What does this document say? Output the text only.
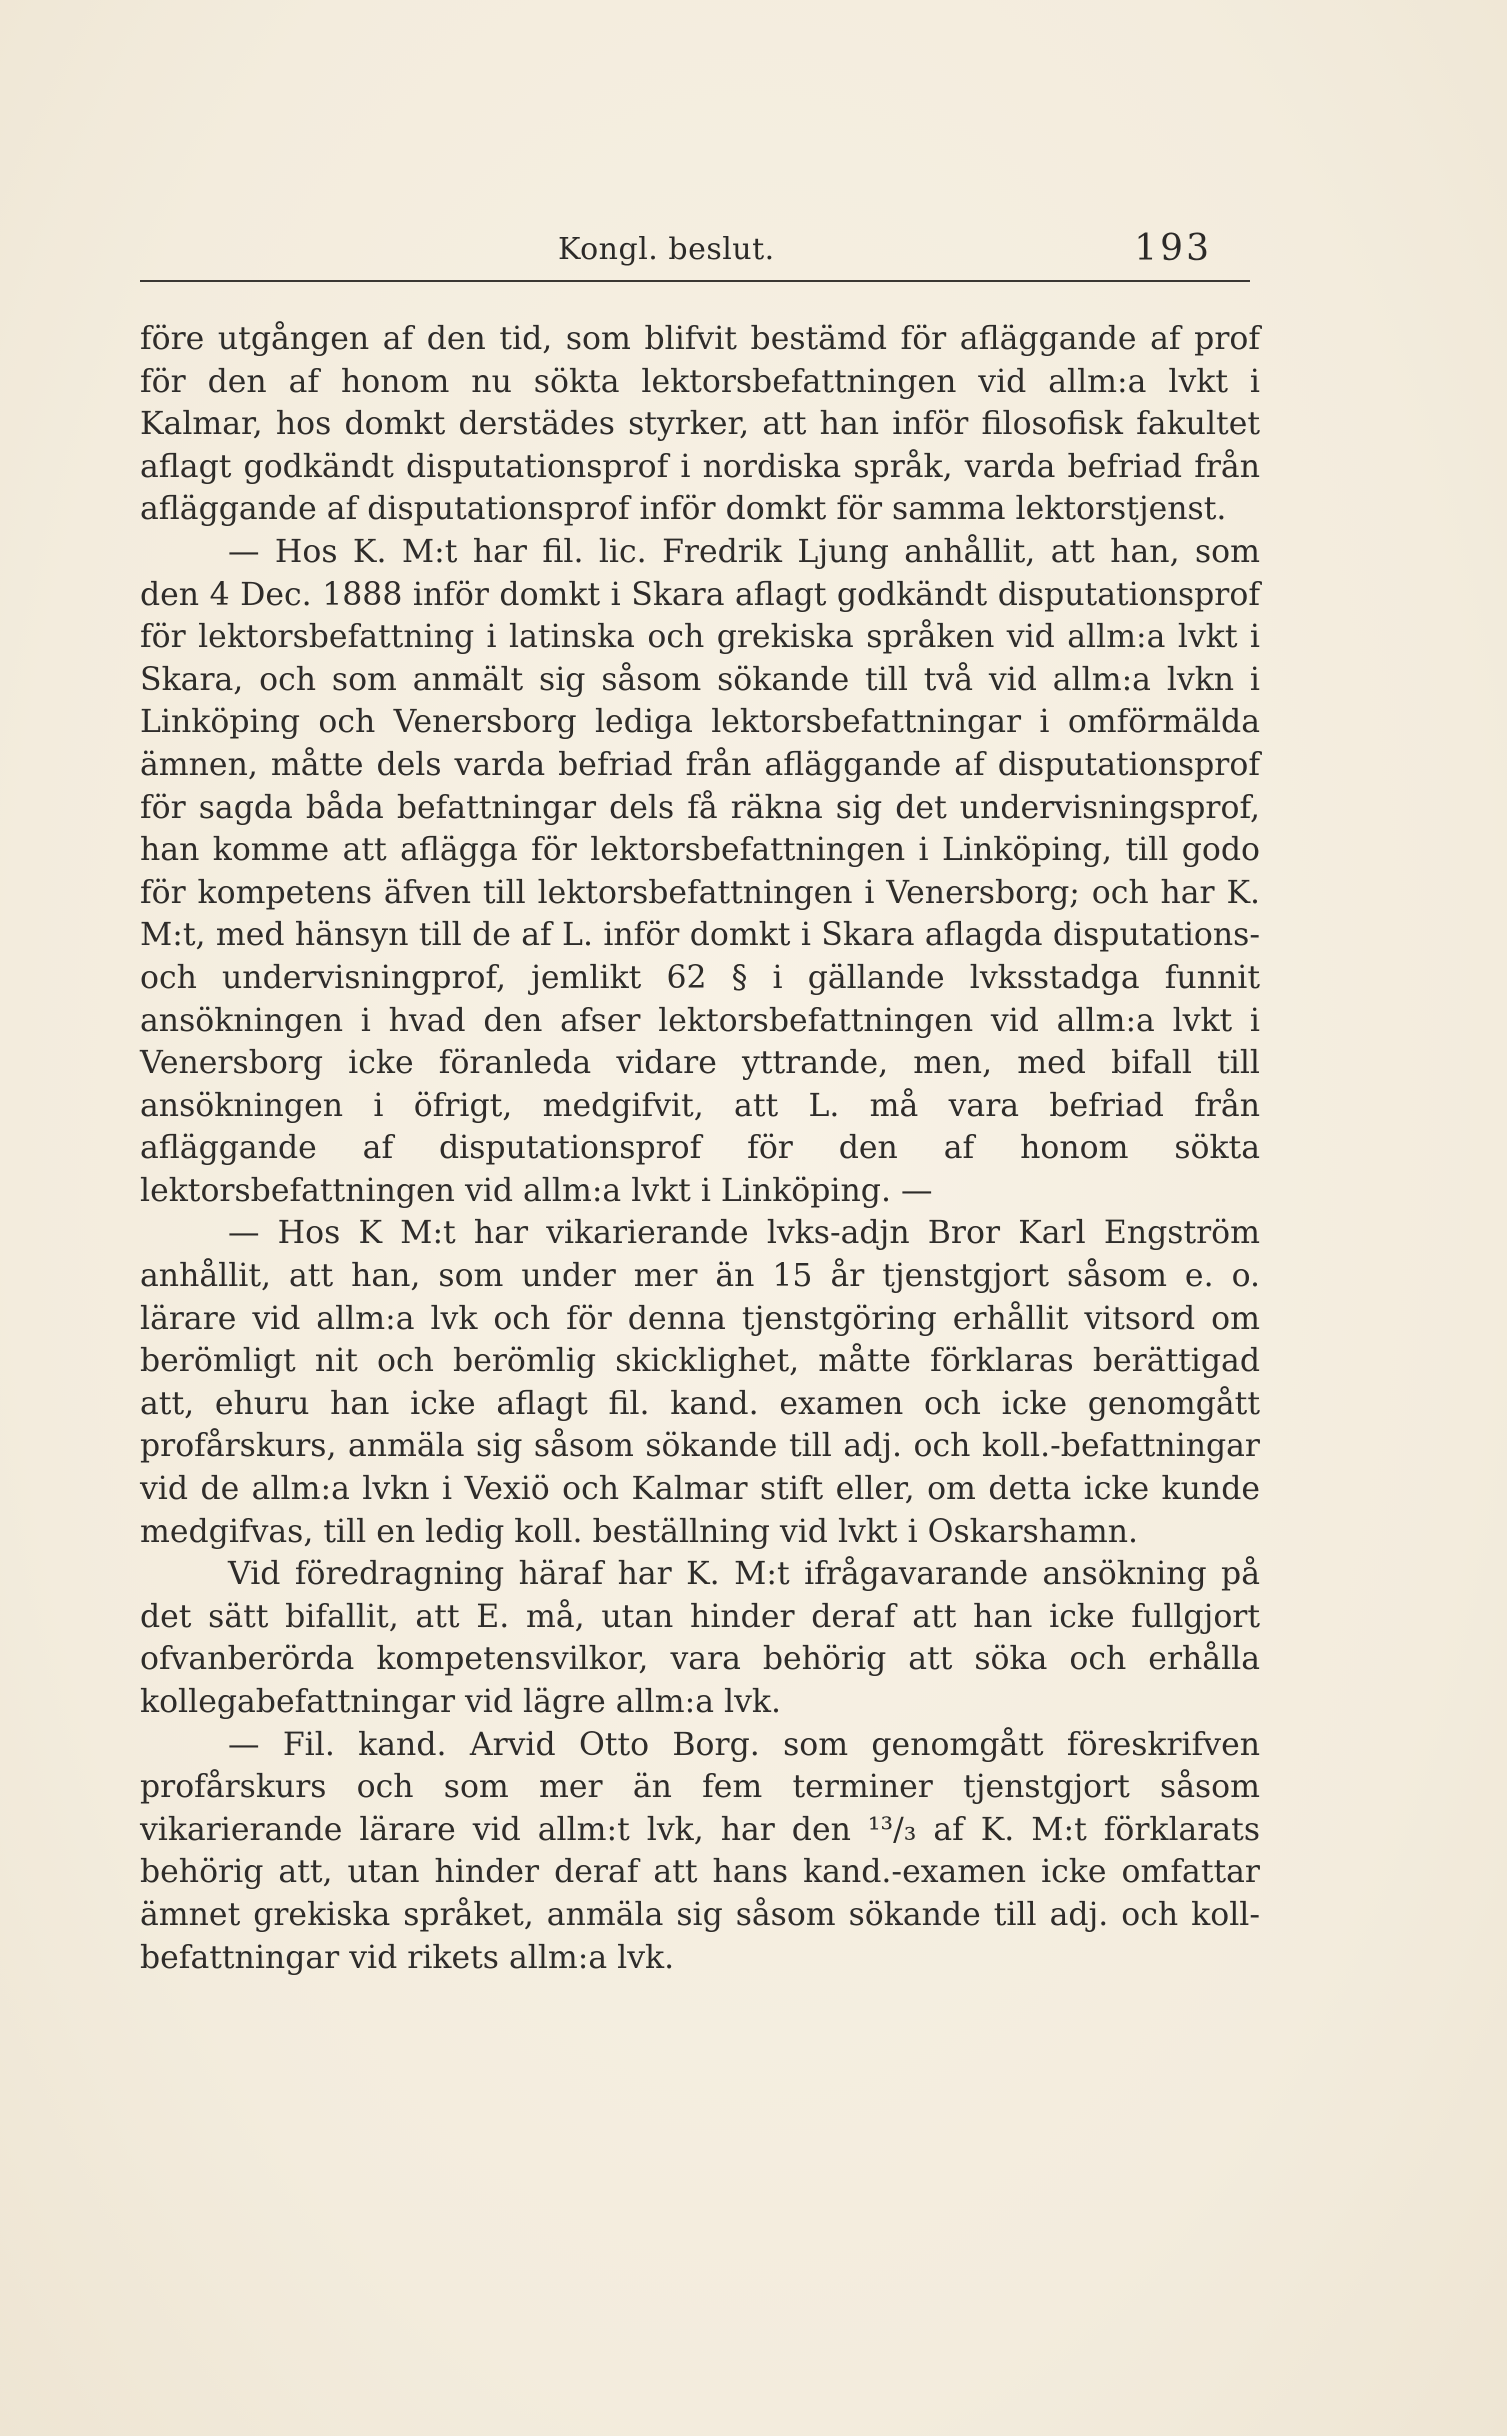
Kongl. beslut.	193

före utgången af den tid, som blifvit bestämd för afläggande af prof för den af honom nu sökta lektorsbefattningen vid allm:a lvkt i Kalmar, hos domkt derstädes styrker, att han inför filosofisk fakultet aflagt godkändt disputationsprof i nordiska språk, varda befriad från afläggande af disputationsprof inför domkt för samma lektorstjenst.

— Hos K. M:t har fil. lic. Fredrik Ljung anhållit, att han, som den 4 Dec. 1888 inför domkt i Skara aflagt godkändt disputationsprof för lektorsbefattning i latinska och grekiska språken vid allm:a lvkt i Skara, och som anmält sig såsom sökande till två vid allm:a lvkn i Linköping och Venersborg lediga lektorsbefattningar i omförmälda ämnen, måtte dels varda befriad från afläggande af disputationsprof för sagda båda befattningar dels få räkna sig det undervisningsprof, han komme att aflägga för lektorsbefattningen i Linköping, till godo för kompetens äfven till lektorsbefattningen i Venersborg; och har K. M:t, med hänsyn till de af L. inför domkt i Skara aflagda disputations- och undervisningprof, jemlikt 62 § i gällande lvksstadga funnit ansökningen i hvad den afser lektorsbefattningen vid allm:a lvkt i Venersborg icke föranleda vidare yttrande, men, med bifall till ansökningen i öfrigt, medgifvit, att L. må vara befriad från afläggande af disputationsprof för den af honom sökta lektorsbefattningen vid allm:a lvkt i Linköping. —

— Hos K M:t har vikarierande lvks-adjn Bror Karl Engström anhållit, att han, som under mer än 15 år tjenstgjort såsom e. o. lärare vid allm:a lvk och för denna tjenstgöring erhållit vitsord om berömligt nit och berömlig skicklighet, måtte förklaras berättigad att, ehuru han icke aflagt fil. kand. examen och icke genomgått profårskurs, anmäla sig såsom sökande till adj. och koll.-befattningar vid de allm:a lvkn i Vexiö och Kalmar stift eller, om detta icke kunde medgifvas, till en ledig koll. beställning vid lvkt i Oskarshamn.

Vid föredragning häraf har K. M:t ifrågavarande ansökning på det sätt bifallit, att E. må, utan hinder deraf att han icke fullgjort ofvanberörda kompetensvilkor, vara behörig att söka och erhålla kollegabefattningar vid lägre allm:a lvk.

— Fil. kand. Arvid Otto Borg. som genomgått föreskrifven profårskurs och som mer än fem terminer tjenstgjort såsom vikarierande lärare vid allm:t lvk, har den ¹³/₃ af K. M:t förklarats behörig att, utan hinder deraf att hans kand.-examen icke omfattar ämnet grekiska språket, anmäla sig såsom sökande till adj. och koll-befattningar vid rikets allm:a lvk.
